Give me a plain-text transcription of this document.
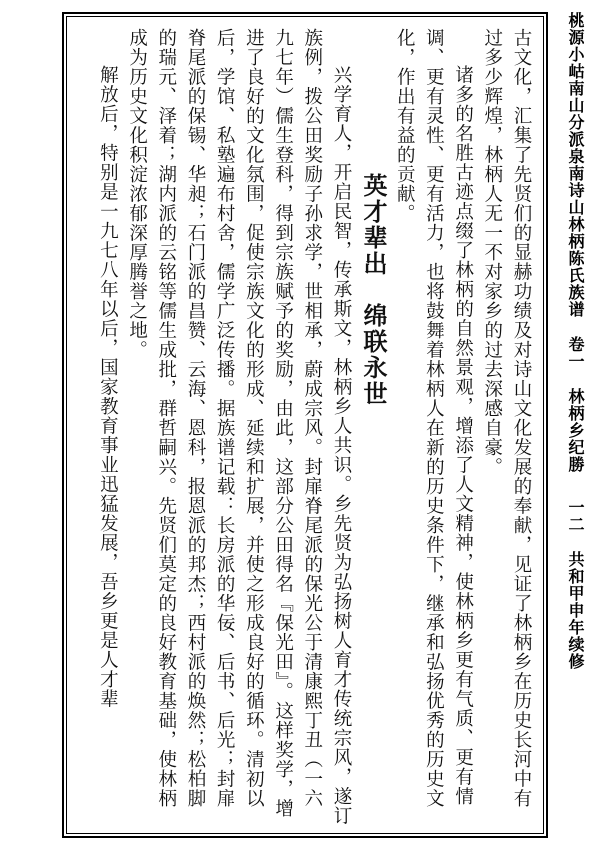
桃源小岵南山分派泉南诗山林柄陈氏族谱
卷一
林柄乡纪勝
一二
共和甲申年续修

古文化，汇集了先贤们的显赫功绩及对诗山文化发展的奉献，见证了林柄乡在历史长河中有过多少辉煌，林柄人无一不对家乡的过去深感自豪。

诸多的名胜古迹点缀了林柄的自然景观，增添了人文精神，使林柄乡更有气质、更有情调、更有灵性、更有活力，也将鼓舞着林柄人在新的历史条件下，继承和弘扬优秀的历史文化，作出有益的贡献。

英才辈出绵联永世

兴学育人，开启民智，传承斯文，林柄乡人共识。乡先贤为弘扬树人育才传统宗风，遂订族例，拨公田奖励子孙求学，世相承，蔚成宗风。封扉脊尾派的保光公于清康熙丁丑（一六九七年）儒生登科，得到宗族赋予的奖励，由此，这部分公田得名『保光田』。这样奖学，增进了良好的文化氛围，促使宗族文化的形成、延续和扩展，并使之形成良好的循环。清初以后，学馆、私塾遍布村舍，儒学广泛传播。据族谱记载：长房派的华佞、后书、后光；封扉脊尾派的保锡、华昶；石门派的昌赞、云海、恩科，报恩派的邦杰；西村派的焕然；松柏脚的瑞元、泽着；湖内派的云铭等儒生成批，群哲嗣兴。先贤们莫定的良好教育基础，使林柄成为历史文化积淀浓郁深厚腾誉之地。

解放后，特别是一九七八年以后，国家教育事业迅猛发展，吾乡更是人才辈
